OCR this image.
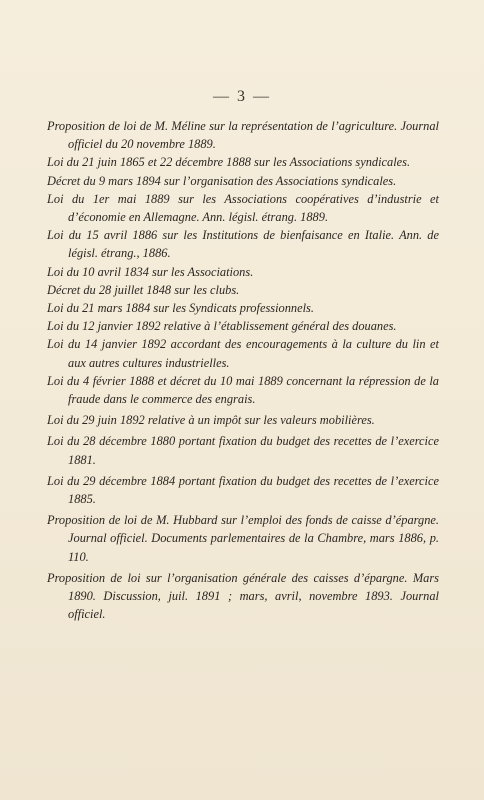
— 3 —
Proposition de loi de M. Méline sur la représentation de l’agriculture. Journal officiel du 20 novembre 1889.
Loi du 21 juin 1865 et 22 décembre 1888 sur les Associations syndicales.
Décret du 9 mars 1894 sur l’organisation des Associations syndicales.
Loi du 1er mai 1889 sur les Associations coopératives d’industrie et d’économie en Allemagne. Ann. législ. étrang. 1889.
Loi du 15 avril 1886 sur les Institutions de bienfaisance en Italie. Ann. de législ. étrang., 1886.
Loi du 10 avril 1834 sur les Associations.
Décret du 28 juillet 1848 sur les clubs.
Loi du 21 mars 1884 sur les Syndicats professionnels.
Loi du 12 janvier 1892 relative à l’établissement général des douanes.
Loi du 14 janvier 1892 accordant des encouragements à la culture du lin et aux autres cultures industrielles.
Loi du 4 février 1888 et décret du 10 mai 1889 concernant la répression de la fraude dans le commerce des engrais.
Loi du 29 juin 1892 relative à un impôt sur les valeurs mobilières.
Loi du 28 décembre 1880 portant fixation du budget des recettes de l’exercice 1881.
Loi du 29 décembre 1884 portant fixation du budget des recettes de l’exercice 1885.
Proposition de loi de M. Hubbard sur l’emploi des fonds de caisse d’épargne. Journal officiel. Documents parlementaires de la Chambre, mars 1886, p. 110.
Proposition de loi sur l’organisation générale des caisses d’épargne. Mars 1890. Discussion, juil. 1891 ; mars, avril, novembre 1893. Journal officiel.
